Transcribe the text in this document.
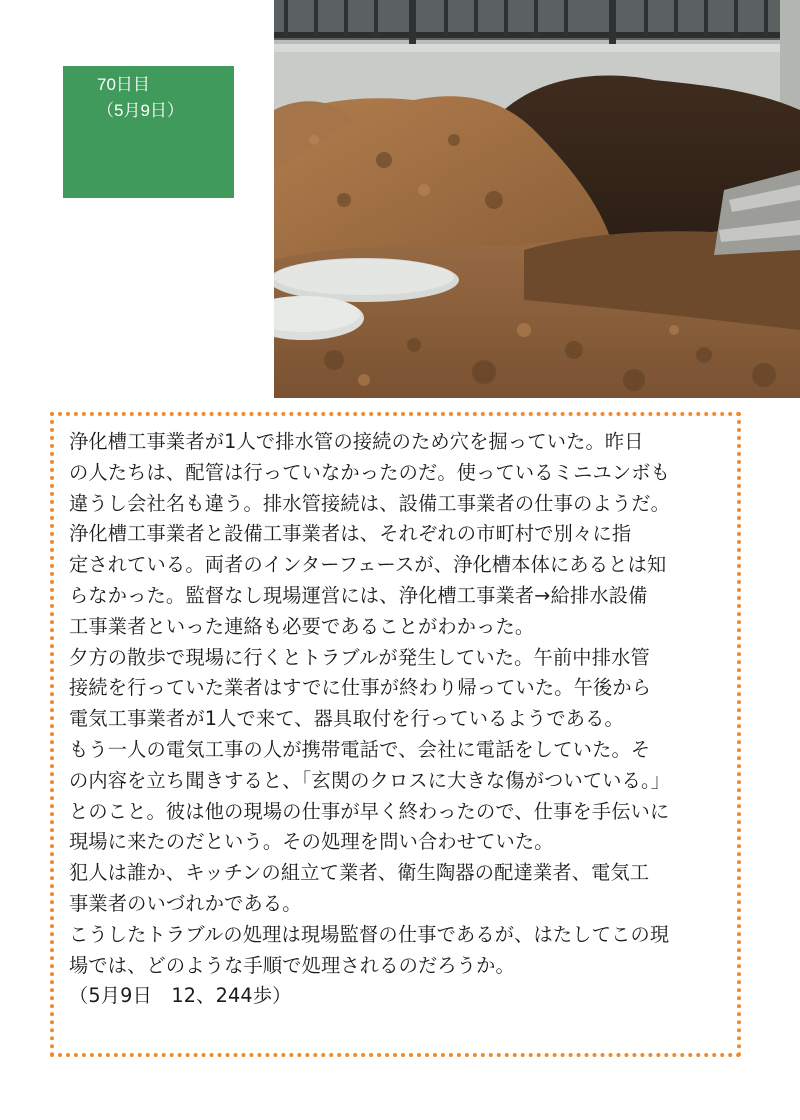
70日目
（5月9日）

浄化槽工事業者が1人で排水管の接続のため穴を掘っていた。昨日
の人たちは、配管は行っていなかったのだ。使っているミニユンボも
違うし会社名も違う。排水管接続は、設備工事業者の仕事のようだ。

浄化槽工事業者と設備工事業者は、それぞれの市町村で別々に指
定されている。両者のインターフェースが、浄化槽本体にあるとは知
らなかった。監督なし現場運営には、浄化槽工事業者→給排水設備
工事業者といった連絡も必要であることがわかった。

夕方の散歩で現場に行くとトラブルが発生していた。午前中排水管
接続を行っていた業者はすでに仕事が終わり帰っていた。午後から
電気工事業者が1人で来て、器具取付を行っているようである。

もう一人の電気工事の人が携帯電話で、会社に電話をしていた。そ
の内容を立ち聞きすると、「玄関のクロスに大きな傷がついている。」
とのこと。彼は他の現場の仕事が早く終わったので、仕事を手伝いに
現場に来たのだという。その処理を問い合わせていた。

犯人は誰か、キッチンの組立て業者、衛生陶器の配達業者、電気工
事業者のいづれかである。

こうしたトラブルの処理は現場監督の仕事であるが、はたしてこの現
場では、どのような手順で処理されるのだろうか。

（5月9日　12、244歩）
